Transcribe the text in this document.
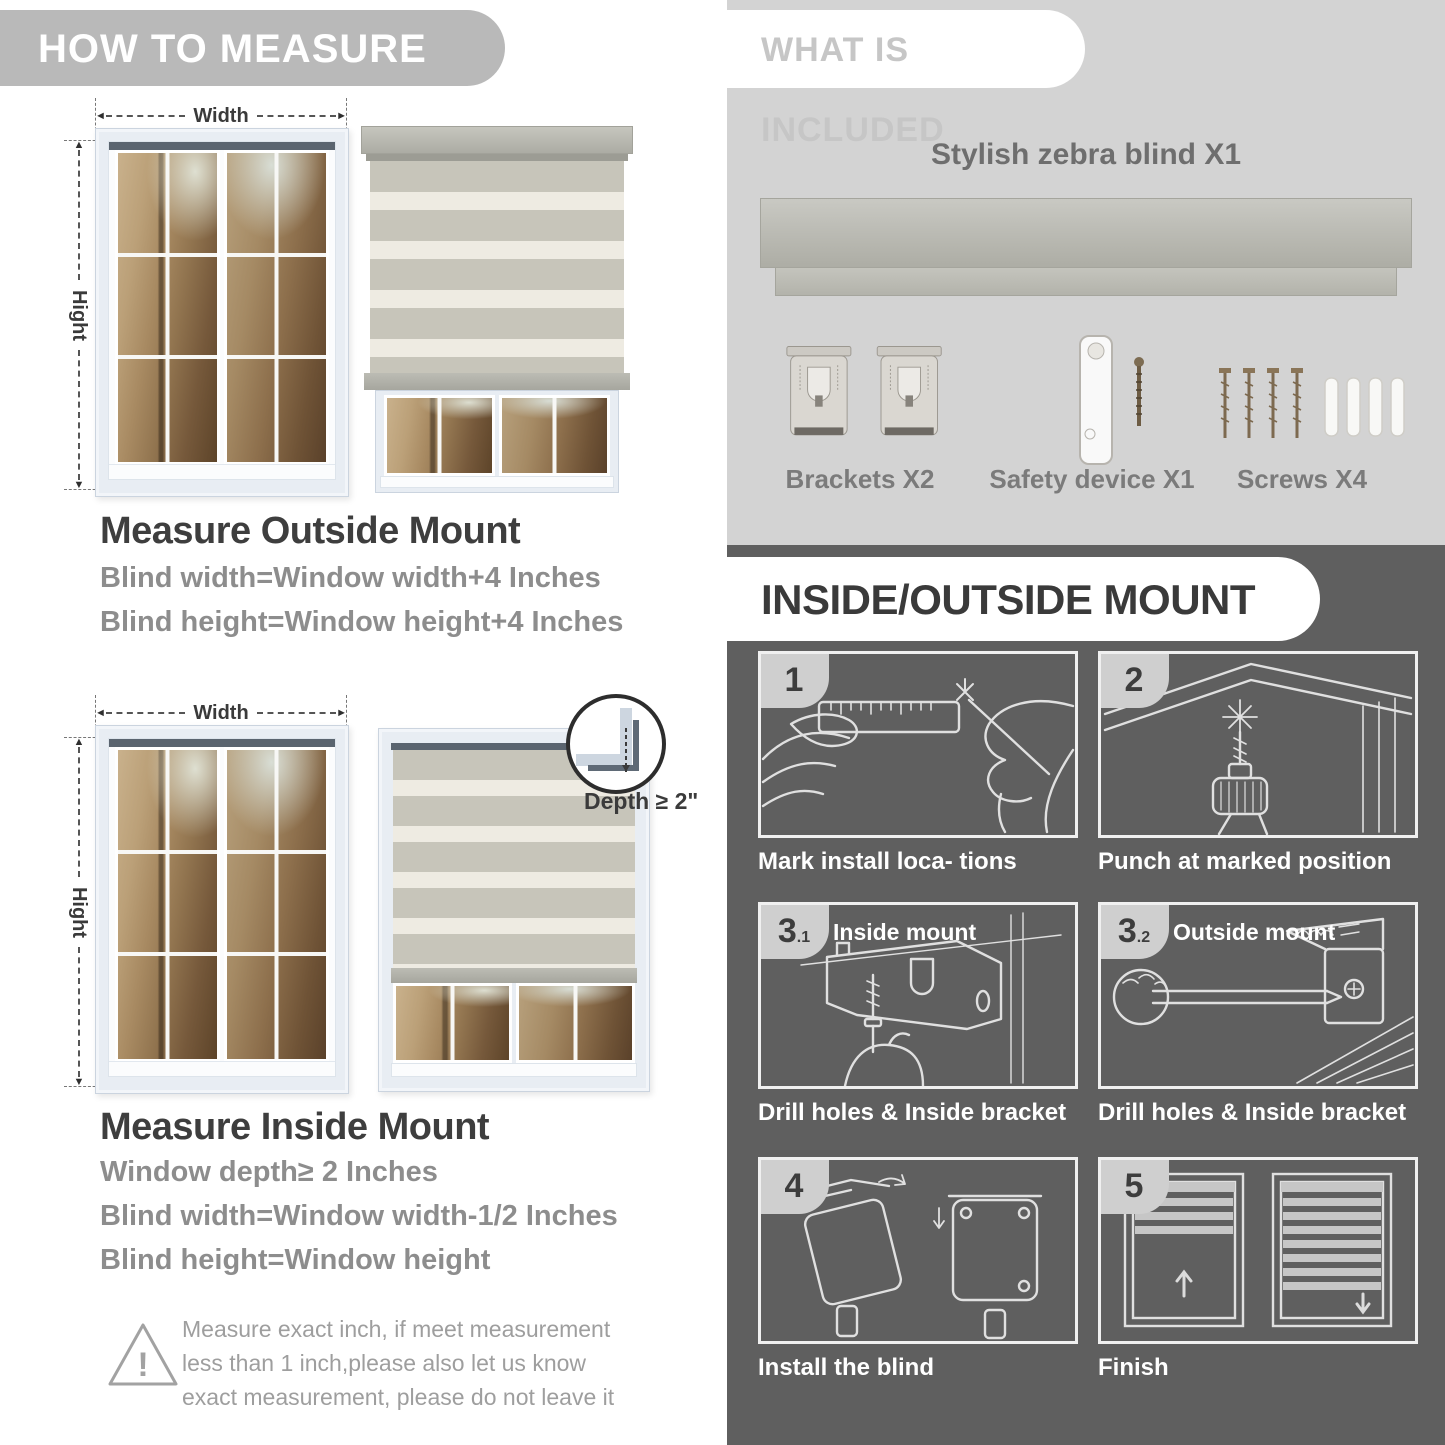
HOW TO MEASURE
◄	Width	►
▲
Hight
▼
Measure Outside Mount
Blind width=Window width+4 Inches
Blind height=Window height+4 Inches
◄	Width	►
▲
Hight
▼
Depth ≥ 2"
Measure Inside Mount
Window depth≥ 2 Inches
Blind width=Window width-1/2 Inches
Blind height=Window height
!
Measure exact inch, if meet measurement less than 1 inch,please also let us know exact measurement, please do not leave it
WHAT IS INCLUDED
Stylish zebra blind X1
Brackets X2 Safety device X1 Screws X4
INSIDE/OUTSIDE MOUNT
1
Mark install loca- tions
2
Punch at marked position
3 .1 Inside mount
Drill holes & Inside bracket
3 .2 Outside mount
Drill holes & Inside bracket
4
Install the blind
5
Finish
